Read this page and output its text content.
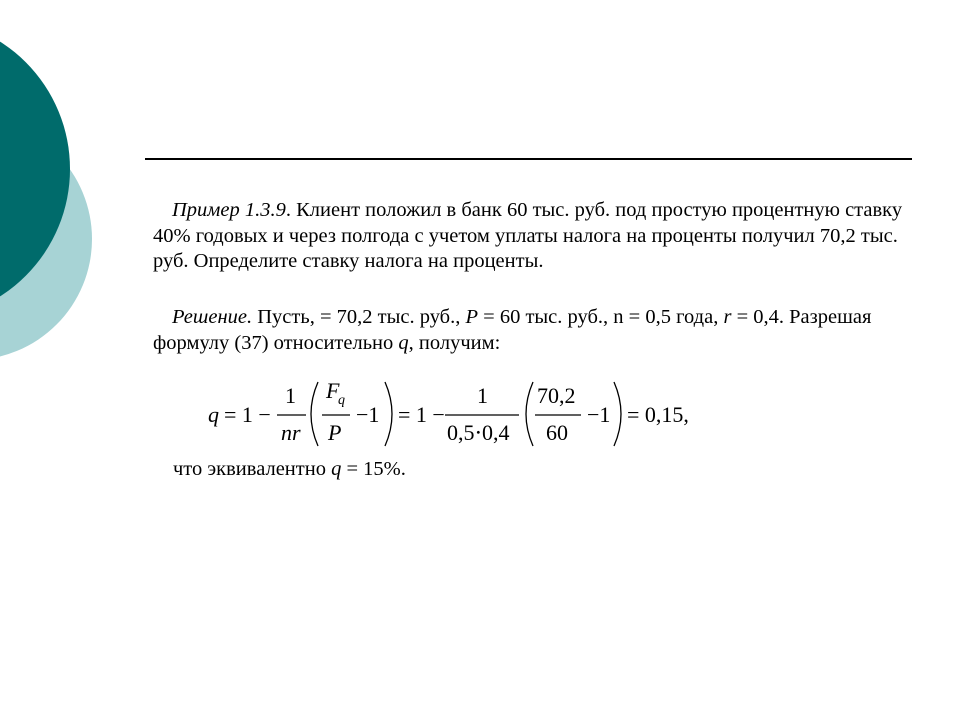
Пример 1.3.9. Клиент положил в банк 60 тыс. руб. под простую процентную ставку 40% годовых и через полгода с учетом уплаты налога на проценты получил 70,2 тыс. руб. Определите ставку налога на проценты.

Решение. Пусть, = 70,2 тыс. руб., P = 60 тыс. руб., n = 0,5 года, r = 0,4. Разрешая формулу (37) относительно q, получим:

q = 1 −
1
nr
F
q
P
−1 = 1 −
1
0,5⋅0,4
70,2
60
−1 = 0,15,

что эквивалентно q = 15%.
